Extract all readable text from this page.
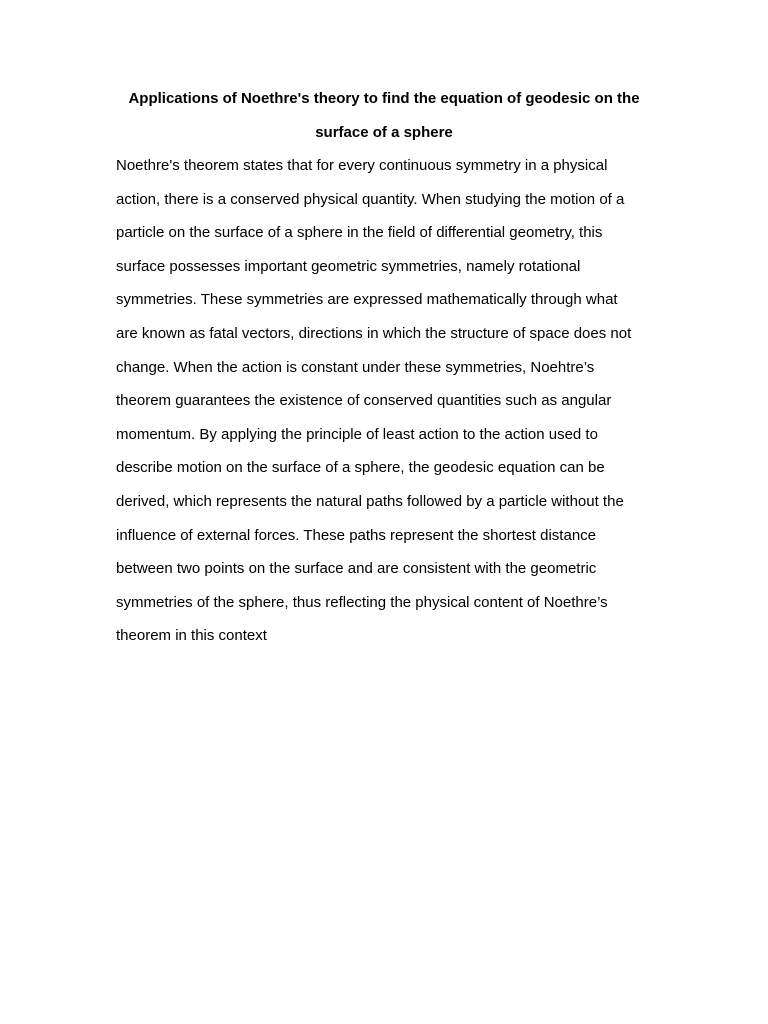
Applications of Noethre's theory to find the equation of geodesic on the
surface of a sphere
Noethre's theorem states that for every continuous symmetry in a physical
action, there is a conserved physical quantity. When studying the motion of a
particle on the surface of a sphere in the field of differential geometry, this
surface possesses important geometric symmetries, namely rotational
symmetries. These symmetries are expressed mathematically through what
are known as fatal vectors, directions in which the structure of space does not
change. When the action is constant under these symmetries, Noehtre’s
theorem guarantees the existence of conserved quantities such as angular
momentum. By applying the principle of least action to the action used to
describe motion on the surface of a sphere, the geodesic equation can be
derived, which represents the natural paths followed by a particle without the
influence of external forces. These paths represent the shortest distance
between two points on the surface and are consistent with the geometric
symmetries of the sphere, thus reflecting the physical content of Noethre’s
theorem in this context
